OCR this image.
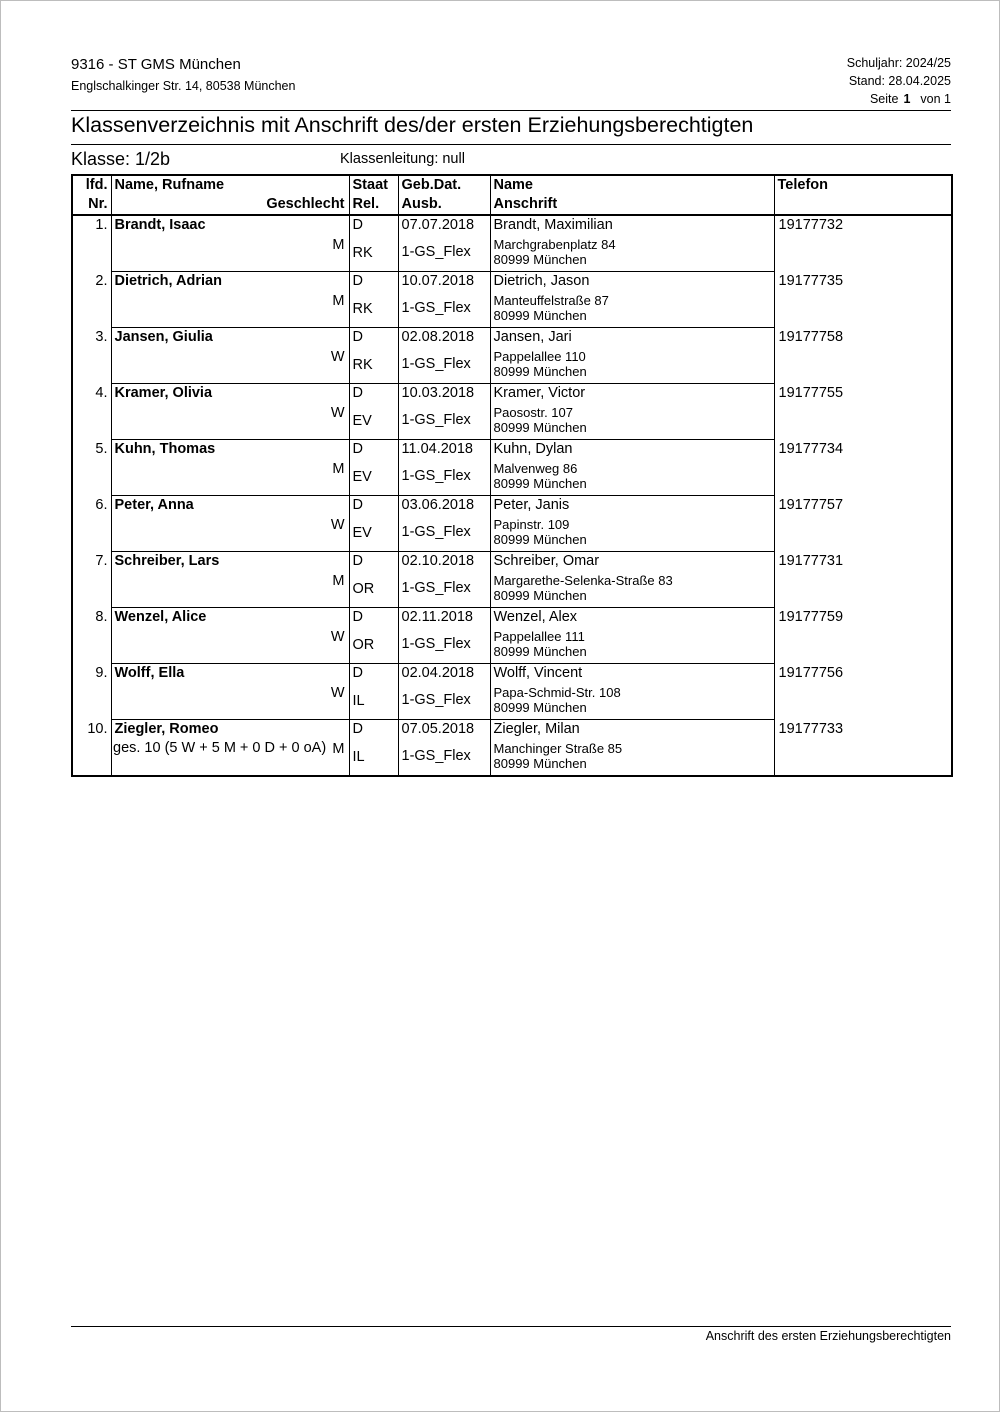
9316 - ST GMS München
Englschalkinger Str. 14, 80538 München
Schuljahr: 2024/25
Stand: 28.04.2025
Seite 1 von 1
Klassenverzeichnis mit Anschrift des/der ersten Erziehungsberechtigten
Klasse: 1/2b	Klassenleitung: null
lfd.	Name, Rufname	Staat	Geb.Dat.	Name	Telefon
Nr.	Geschlecht	Rel.	Ausb.	Anschrift	
1.	Brandt, Isaac	D	07.07.2018	Brandt, Maximilian	19177732
	M	RK	1-GS_Flex	Marchgrabenplatz 84
80999 München	

2.	Dietrich, Adrian	D	10.07.2018	Dietrich, Jason	19177735
	M	RK	1-GS_Flex	Manteuffelstraße 87
80999 München	

3.	Jansen, Giulia	D	02.08.2018	Jansen, Jari	19177758
	W	RK	1-GS_Flex	Pappelallee 110
80999 München	

4.	Kramer, Olivia	D	10.03.2018	Kramer, Victor	19177755
	W	EV	1-GS_Flex	Paosostr. 107
80999 München	

5.	Kuhn, Thomas	D	11.04.2018	Kuhn, Dylan	19177734
	M	EV	1-GS_Flex	Malvenweg 86
80999 München	

6.	Peter, Anna	D	03.06.2018	Peter, Janis	19177757
	W	EV	1-GS_Flex	Papinstr. 109
80999 München	

7.	Schreiber, Lars	D	02.10.2018	Schreiber, Omar	19177731
	M	OR	1-GS_Flex	Margarethe-Selenka-Straße 83
80999 München	

8.	Wenzel, Alice	D	02.11.2018	Wenzel, Alex	19177759
	W	OR	1-GS_Flex	Pappelallee 111
80999 München	

9.	Wolff, Ella	D	02.04.2018	Wolff, Vincent	19177756
	W	IL	1-GS_Flex	Papa-Schmid-Str. 108
80999 München	

10.	Ziegler, Romeo	D	07.05.2018	Ziegler, Milan	19177733
	M	IL	1-GS_Flex	Manchinger Straße 85
80999 München	
ges. 10 (5 W + 5 M + 0 D + 0 oA)
Anschrift des ersten Erziehungsberechtigten
